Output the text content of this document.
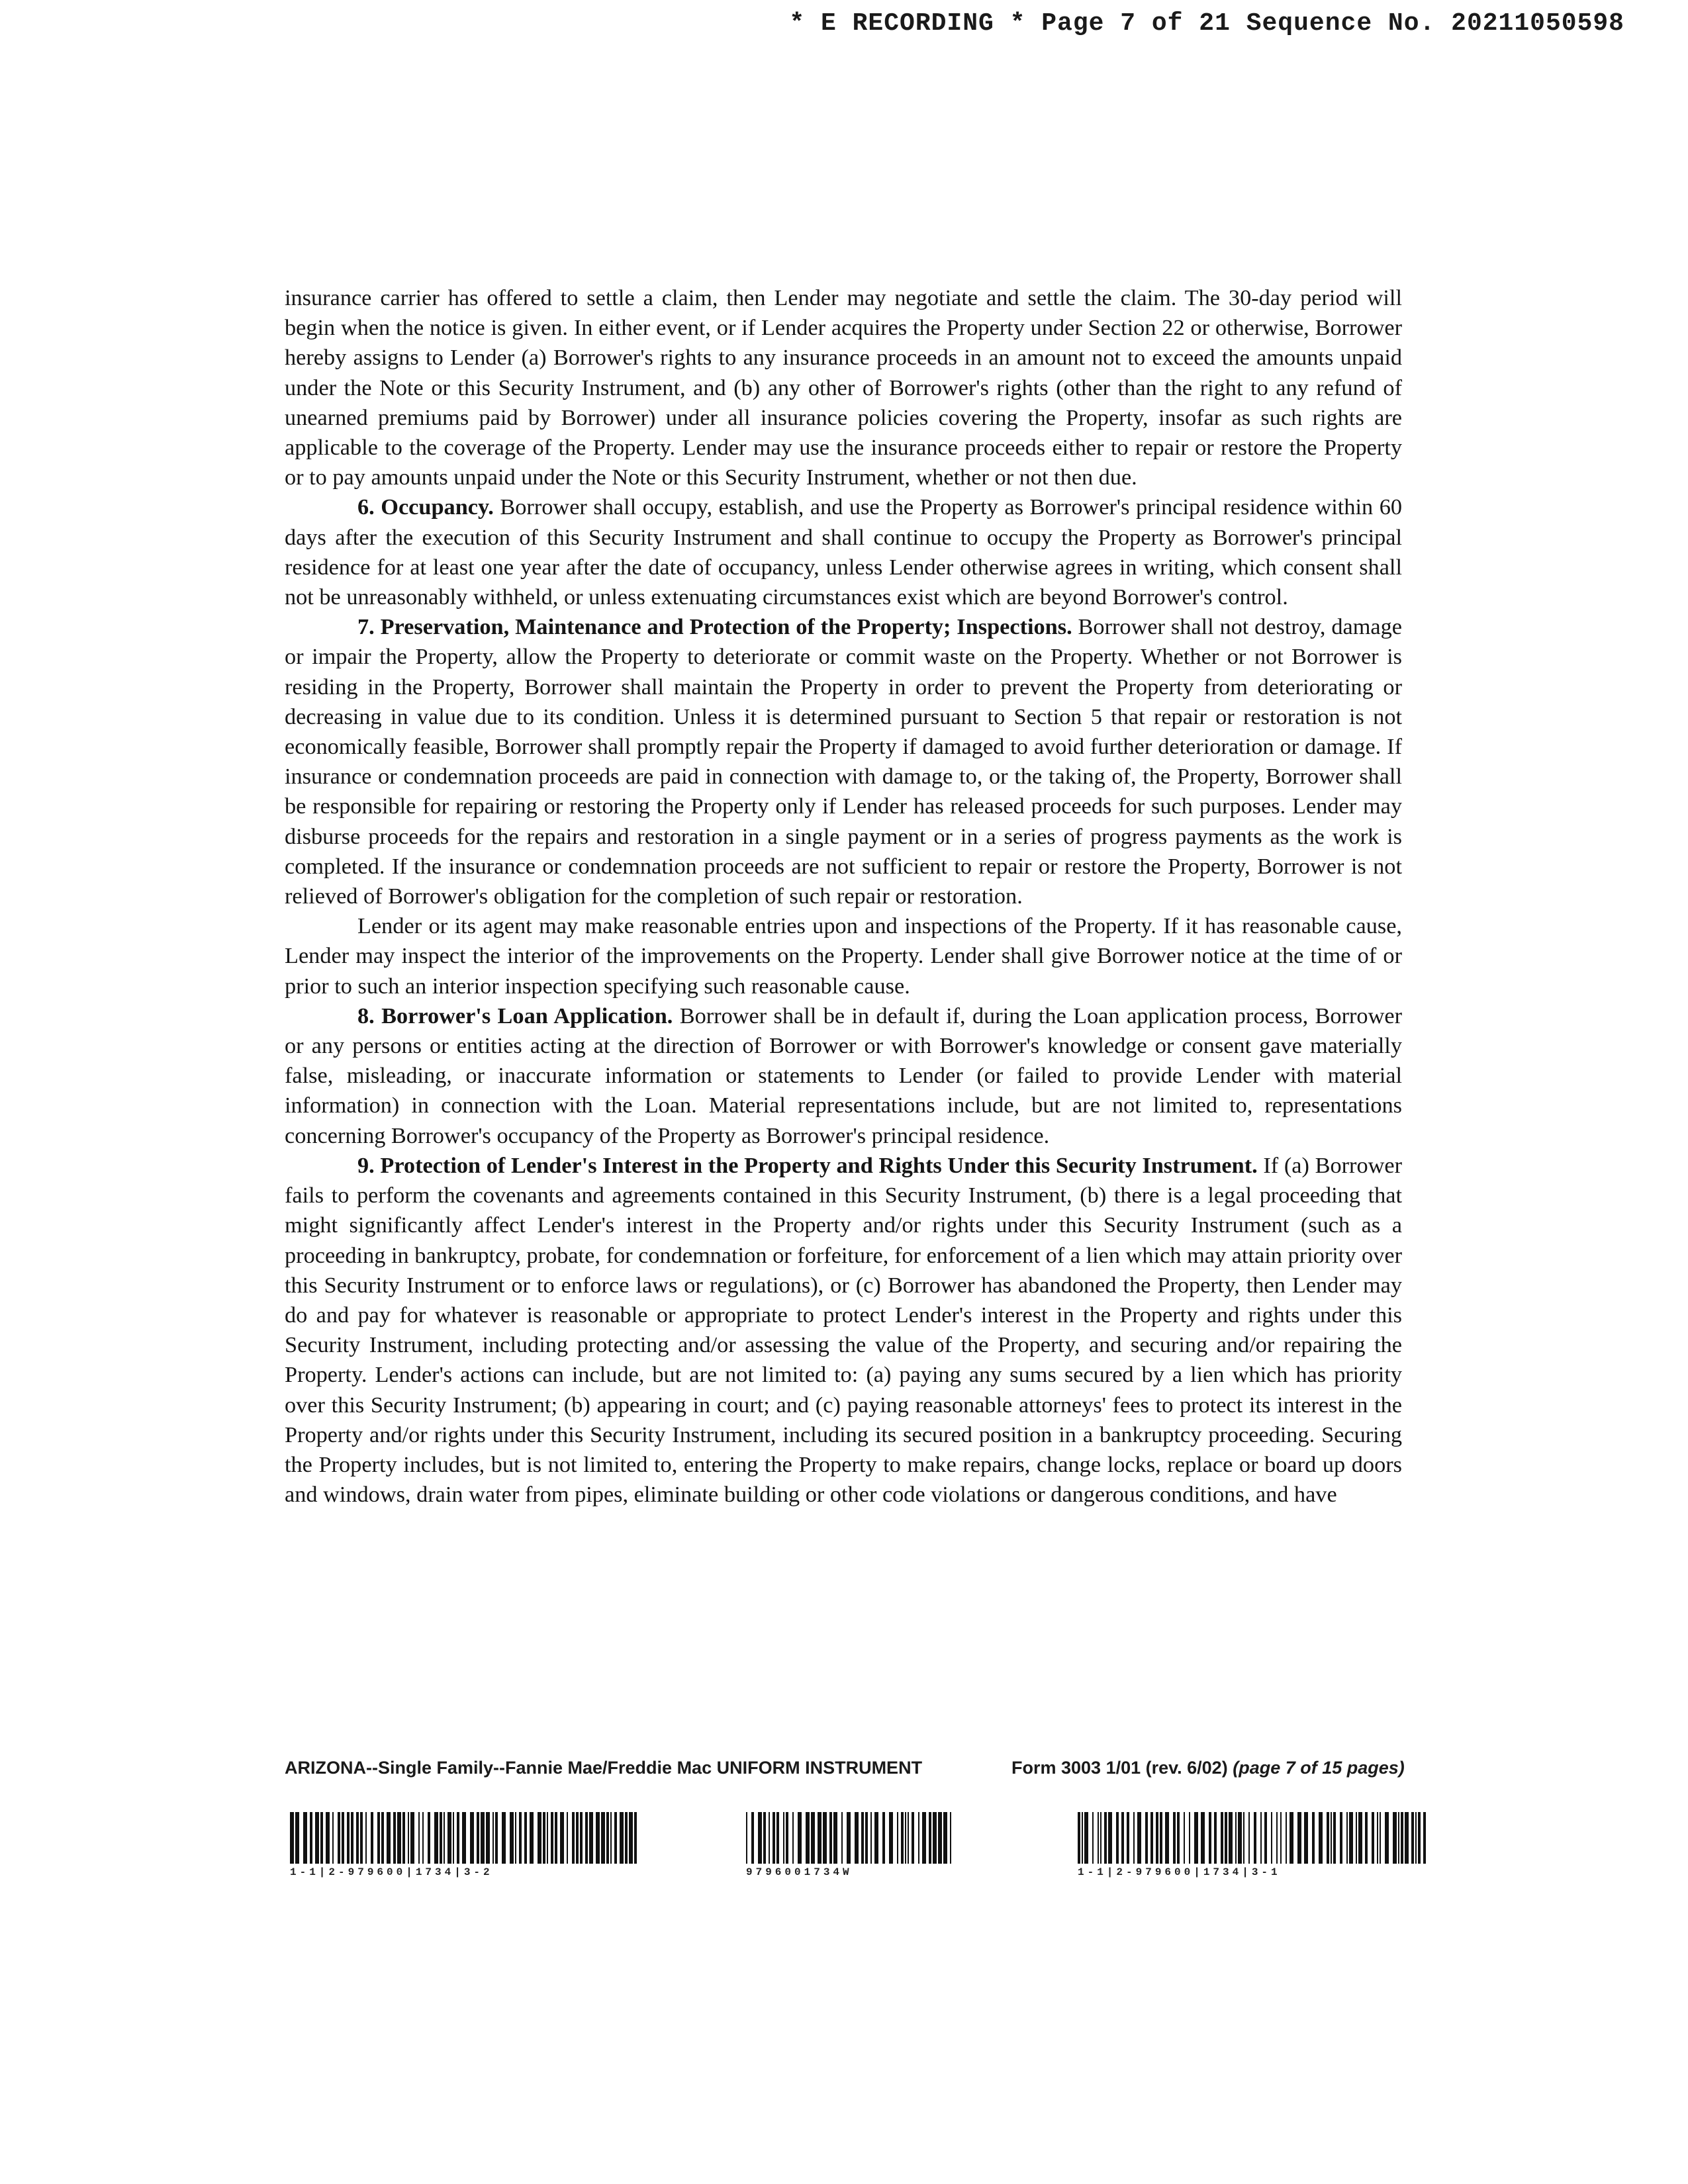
* E RECORDING * Page 7 of 21 Sequence No. 20211050598

insurance carrier has offered to settle a claim, then Lender may negotiate and settle the claim. The 30-day period will begin when the notice is given. In either event, or if Lender acquires the Property under Section 22 or otherwise, Borrower hereby assigns to Lender (a) Borrower's rights to any insurance proceeds in an amount not to exceed the amounts unpaid under the Note or this Security Instrument, and (b) any other of Borrower's rights (other than the right to any refund of unearned premiums paid by Borrower) under all insurance policies covering the Property, insofar as such rights are applicable to the coverage of the Property. Lender may use the insurance proceeds either to repair or restore the Property or to pay amounts unpaid under the Note or this Security Instrument, whether or not then due.

6. Occupancy. Borrower shall occupy, establish, and use the Property as Borrower's principal residence within 60 days after the execution of this Security Instrument and shall continue to occupy the Property as Borrower's principal residence for at least one year after the date of occupancy, unless Lender otherwise agrees in writing, which consent shall not be unreasonably withheld, or unless extenuating circumstances exist which are beyond Borrower's control.

7. Preservation, Maintenance and Protection of the Property; Inspections. Borrower shall not destroy, damage or impair the Property, allow the Property to deteriorate or commit waste on the Property. Whether or not Borrower is residing in the Property, Borrower shall maintain the Property in order to prevent the Property from deteriorating or decreasing in value due to its condition. Unless it is determined pursuant to Section 5 that repair or restoration is not economically feasible, Borrower shall promptly repair the Property if damaged to avoid further deterioration or damage. If insurance or condemnation proceeds are paid in connection with damage to, or the taking of, the Property, Borrower shall be responsible for repairing or restoring the Property only if Lender has released proceeds for such purposes. Lender may disburse proceeds for the repairs and restoration in a single payment or in a series of progress payments as the work is completed. If the insurance or condemnation proceeds are not sufficient to repair or restore the Property, Borrower is not relieved of Borrower's obligation for the completion of such repair or restoration.

Lender or its agent may make reasonable entries upon and inspections of the Property. If it has reasonable cause, Lender may inspect the interior of the improvements on the Property. Lender shall give Borrower notice at the time of or prior to such an interior inspection specifying such reasonable cause.

8. Borrower's Loan Application. Borrower shall be in default if, during the Loan application process, Borrower or any persons or entities acting at the direction of Borrower or with Borrower's knowledge or consent gave materially false, misleading, or inaccurate information or statements to Lender (or failed to provide Lender with material information) in connection with the Loan. Material representations include, but are not limited to, representations concerning Borrower's occupancy of the Property as Borrower's principal residence.

9. Protection of Lender's Interest in the Property and Rights Under this Security Instrument. If (a) Borrower fails to perform the covenants and agreements contained in this Security Instrument, (b) there is a legal proceeding that might significantly affect Lender's interest in the Property and/or rights under this Security Instrument (such as a proceeding in bankruptcy, probate, for condemnation or forfeiture, for enforcement of a lien which may attain priority over this Security Instrument or to enforce laws or regulations), or (c) Borrower has abandoned the Property, then Lender may do and pay for whatever is reasonable or appropriate to protect Lender's interest in the Property and rights under this Security Instrument, including protecting and/or assessing the value of the Property, and securing and/or repairing the Property. Lender's actions can include, but are not limited to: (a) paying any sums secured by a lien which has priority over this Security Instrument; (b) appearing in court; and (c) paying reasonable attorneys' fees to protect its interest in the Property and/or rights under this Security Instrument, including its secured position in a bankruptcy proceeding. Securing the Property includes, but is not limited to, entering the Property to make repairs, change locks, replace or board up doors and windows, drain water from pipes, eliminate building or other code violations or dangerous conditions, and have

ARIZONA--Single Family--Fannie Mae/Freddie Mac UNIFORM INSTRUMENT	Form 3003 1/01 (rev. 6/02) (page 7 of 15 pages)
1-1|2-979600|1734|3-2	9796001734W	1-1|2-979600|1734|3-1
